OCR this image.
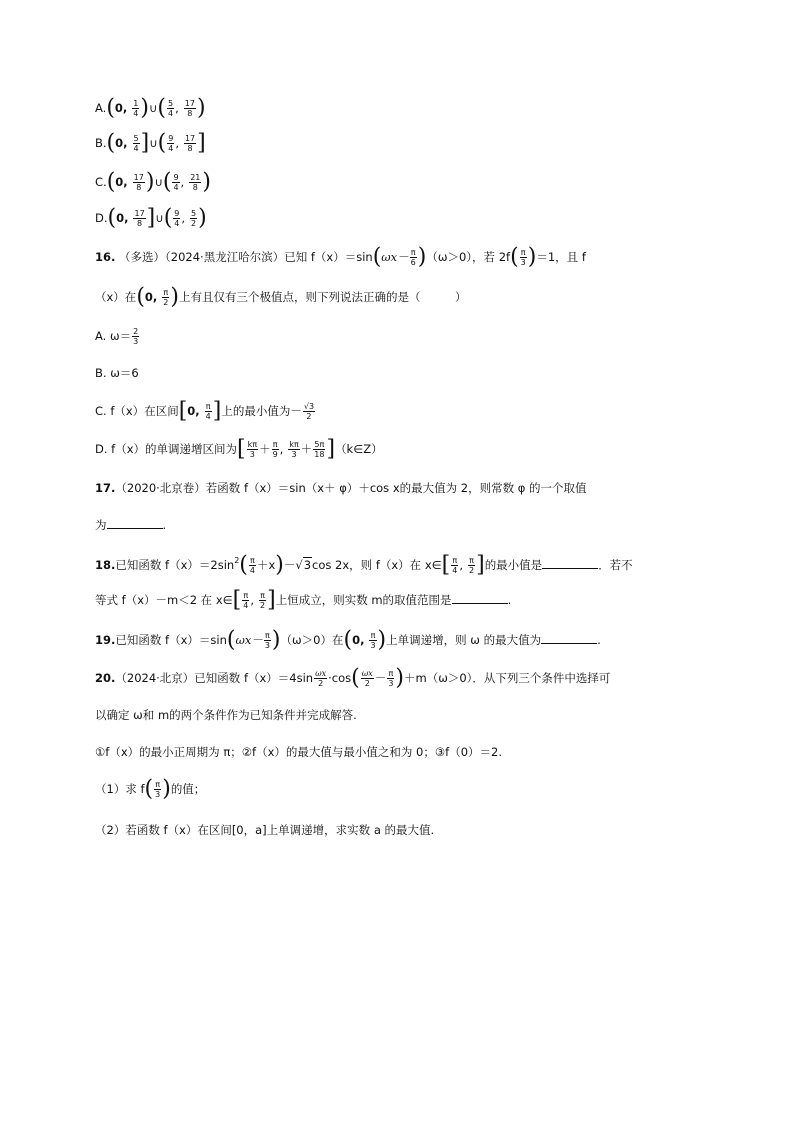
A.(0, $\frac{1}{4}$ )∪( $\frac{5}{4}$ , $\frac{17}{8}$ )
B.(0, $\frac{5}{4}$ ]∪( $\frac{9}{4}$ , $\frac{17}{8}$ ]
C.(0, $\frac{17}{8}$ )∪( $\frac{9}{4}$ , $\frac{21}{8}$ )
D.(0, $\frac{17}{8}$ ]∪( $\frac{9}{4}$ , $\frac{5}{2}$ )
16. （多选）（2024·黑龙江哈尔滨）已知 $f(x)=\sin(\omega x- \frac{\pi}{6} )(\omega>0)$，若 $2f( \frac{\pi}{3} )=1$，且 f
（x）在(0, $\frac{\pi}{2}$ )上有且仅有三个极值点，则下列说法正确的是（　　　）
A. $\omega= \frac{2}{3}$
B. ω＝6
C. f（x）在区间[0, $\frac{\pi}{4}$ ]上的最小值为－ $\frac{√3}{2}$
D. f（x）的单调递增区间为[ $\frac{k\pi}{3} + \frac{\pi}{9}$ , $\frac{k\pi}{3} + \frac{5\pi}{18}$ ]（k∈Z）
17.（2020·北京卷）若函数 f（x）＝sin（x＋ φ）＋cos x的最大值为 2，则常数 φ 的一个取值
为	.
18.已知函数 $f(x)=2\sin^2( \frac{\pi}{4} +x)-√3\cos$ 2x，则 f（x）在 x∈[ $\frac{\pi}{4}$ , $\frac{\pi}{2}$ ]的最小值是	．若不
等式 f（x）－m＜2 在 x∈[ $\frac{\pi}{4}$ , $\frac{\pi}{2}$ ]上恒成立，则实数 m的取值范围是	.
19.已知函数 $f(x)=\sin(\omega x- \frac{\pi}{3} )(\omega>0)$在(0, $\frac{\pi}{3}$ )上单调递增，则 ω 的最大值为	.
20.（2024·北京）已知函数 $f(x)=4\sin \frac{\omega x}{2} \cdot\cos( \frac{\omega x}{2} - \frac{\pi}{3} )+m(\omega>0)$．从下列三个条件中选择可
以确定 ω和 m的两个条件作为已知条件并完成解答.
①f（x）的最小正周期为 π；②f（x）的最大值与最小值之和为 0；③f（0）＝2.
（1）求 $f( \frac{\pi}{3}$ )的值；
（2）若函数 f（x）在区间[0，a]上单调递增，求实数 a 的最大值.
